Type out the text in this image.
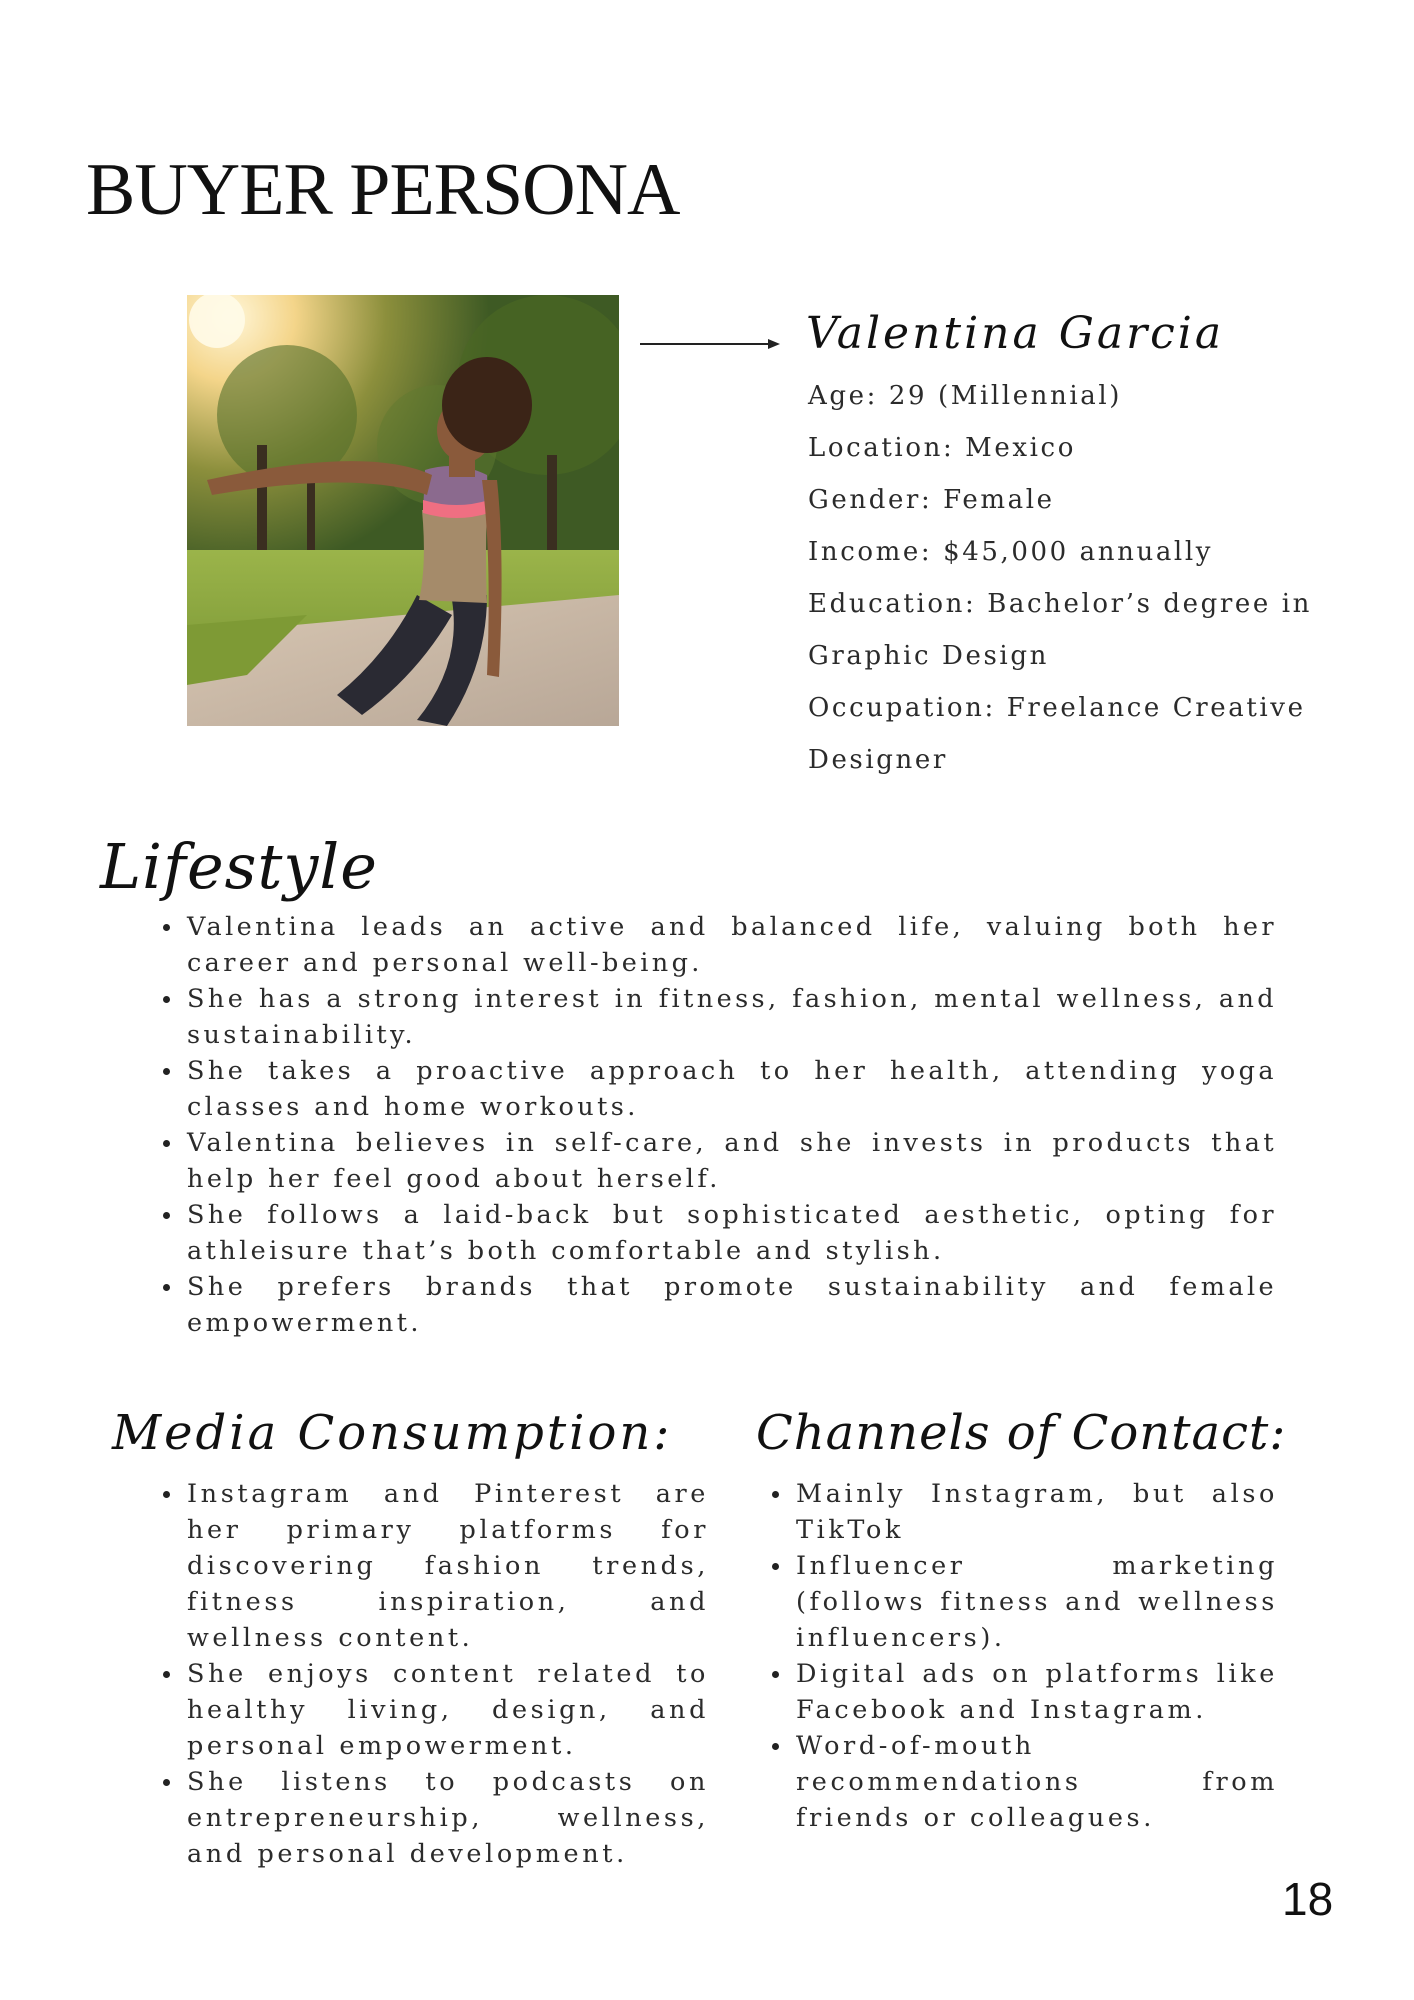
BUYER PERSONA
Valentina Garcia
Age: 29 (Millennial)
Location: Mexico
Gender: Female
Income: $45,000 annually
Education: Bachelor’s degree in Graphic Design
Occupation: Freelance Creative Designer
Lifestyle
Valentina leads an active and balanced life, valuing both her career and personal well-being.
She has a strong interest in fitness, fashion, mental wellness, and sustainability.
She takes a proactive approach to her health, attending yoga classes and home workouts.
Valentina believes in self-care, and she invests in products that help her feel good about herself.
She follows a laid-back but sophisticated aesthetic, opting for athleisure that’s both comfortable and stylish.
She prefers brands that promote sustainability and female empowerment.
Media Consumption:
Instagram and Pinterest are her primary platforms for discovering fashion trends, fitness inspiration, and wellness content.
She enjoys content related to healthy living, design, and personal empowerment.
She listens to podcasts on entrepreneurship, wellness, and personal development.
Channels of Contact:
Mainly Instagram, but also TikTok
Influencer marketing (follows fitness and wellness influencers).
Digital ads on platforms like Facebook and Instagram.
Word-of-mouth recommendations from friends or colleagues.

18
